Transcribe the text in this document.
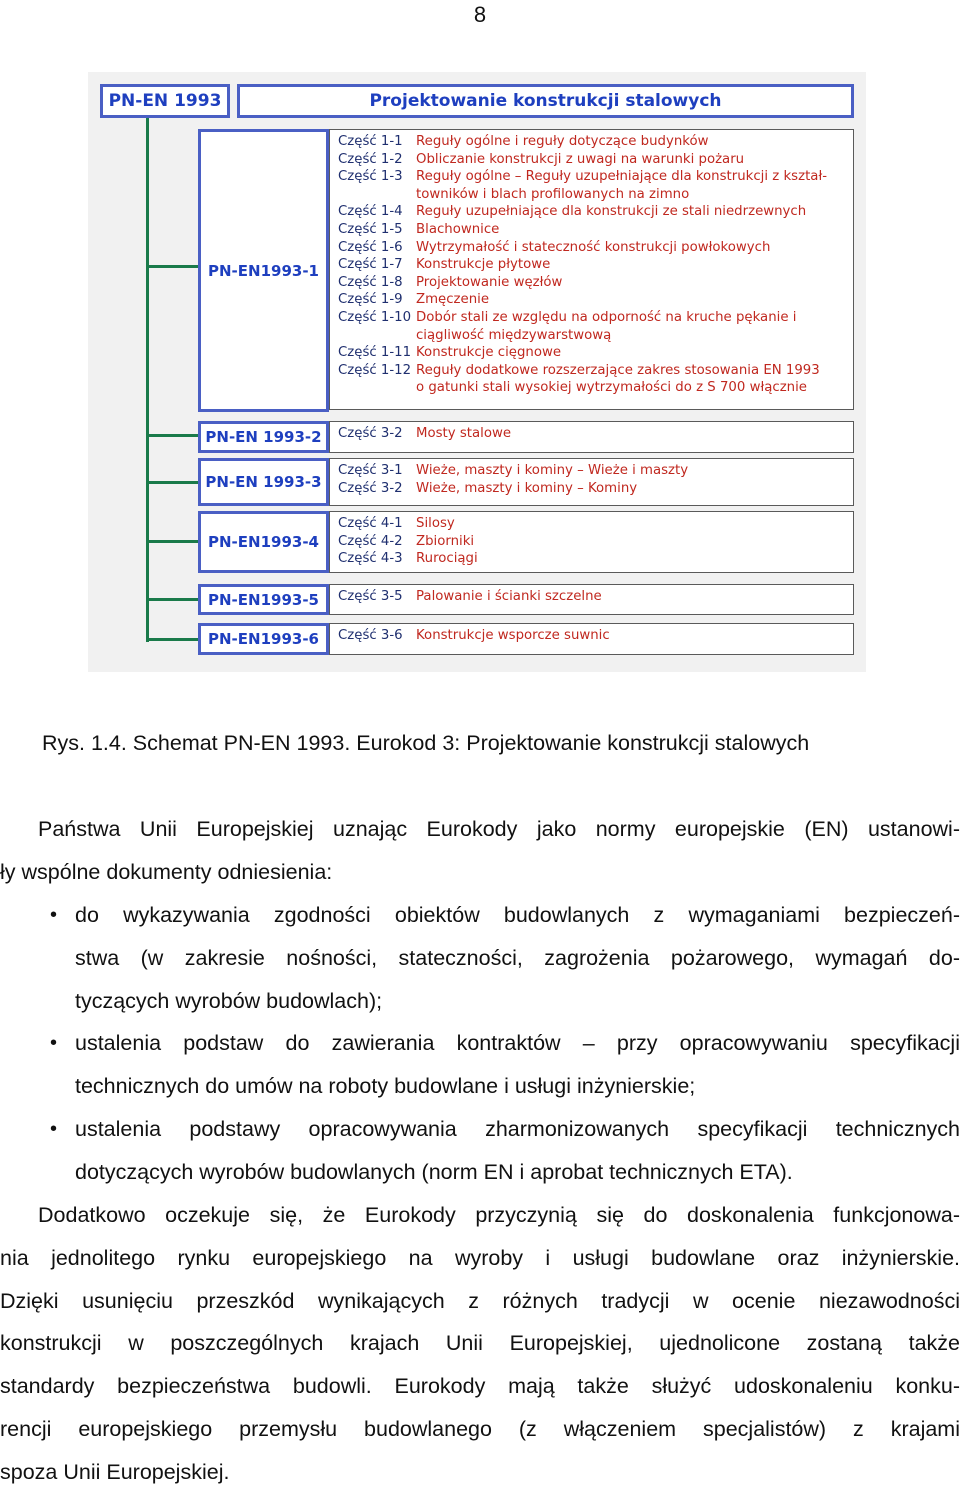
8
PN-EN 1993	Projektowanie konstrukcji stalowych
PN-EN1993-1
Część 1-1	Reguły ogólne i reguły dotyczące budynków
Część 1-2	Obliczanie konstrukcji z uwagi na warunki pożaru
Część 1-3	Reguły ogólne – Reguły uzupełniające dla konstrukcji z kształ-
towników i blach profilowanych na zimno
Część 1-4	Reguły uzupełniające dla konstrukcji ze stali niedrzewnych
Część 1-5	Blachownice
Część 1-6	Wytrzymałość i stateczność konstrukcji powłokowych
Część 1-7	Konstrukcje płytowe
Część 1-8	Projektowanie węzłów
Część 1-9	Zmęczenie
Część 1-10 Dobór stali ze względu na odporność na kruche pękanie i
ciągliwość międzywarstwową
Część 1-11 Konstrukcje cięgnowe
Część 1-12 Reguły dodatkowe rozszerzające zakres stosowania EN 1993
o gatunki stali wysokiej wytrzymałości do z S 700 włącznie
PN-EN 1993-2	Część 3-2	Mosty stalowe
PN-EN 1993-3
Część 3-1	Wieże, maszty i kominy – Wieże i maszty
Część 3-2	Wieże, maszty i kominy – Kominy
PN-EN1993-4
Część 4-1	Silosy
Część 4-2	Zbiorniki
Część 4-3	Rurociągi
PN-EN1993-5	Część 3-5	Palowanie i ścianki szczelne
PN-EN1993-6	Część 3-6	Konstrukcje wsporcze suwnic
Rys. 1.4. Schemat PN-EN 1993. Eurokod 3: Projektowanie konstrukcji stalowych
Państwa Unii Europejskiej uznając Eurokody jako normy europejskie (EN) ustanowi-
ły wspólne dokumenty odniesienia:
• do wykazywania zgodności obiektów budowlanych z wymaganiami bezpieczeń-
stwa (w zakresie nośności, stateczności, zagrożenia pożarowego, wymagań do-
tyczących wyrobów budowlach);
• ustalenia podstaw do zawierania kontraktów – przy opracowywaniu specyfikacji
technicznych do umów na roboty budowlane i usługi inżynierskie;
• ustalenia podstawy opracowywania zharmonizowanych specyfikacji technicznych
dotyczących wyrobów budowlanych (norm EN i aprobat technicznych ETA).
Dodatkowo oczekuje się, że Eurokody przyczynią się do doskonalenia funkcjonowa-
nia jednolitego rynku europejskiego na wyroby i usługi budowlane oraz inżynierskie.
Dzięki usunięciu przeszkód wynikających z różnych tradycji w ocenie niezawodności
konstrukcji w poszczególnych krajach Unii Europejskiej, ujednolicone zostaną także
standardy bezpieczeństwa budowli. Eurokody mają także służyć udoskonaleniu konku-
rencji europejskiego przemysłu budowlanego (z włączeniem specjalistów) z krajami
spoza Unii Europejskiej.
